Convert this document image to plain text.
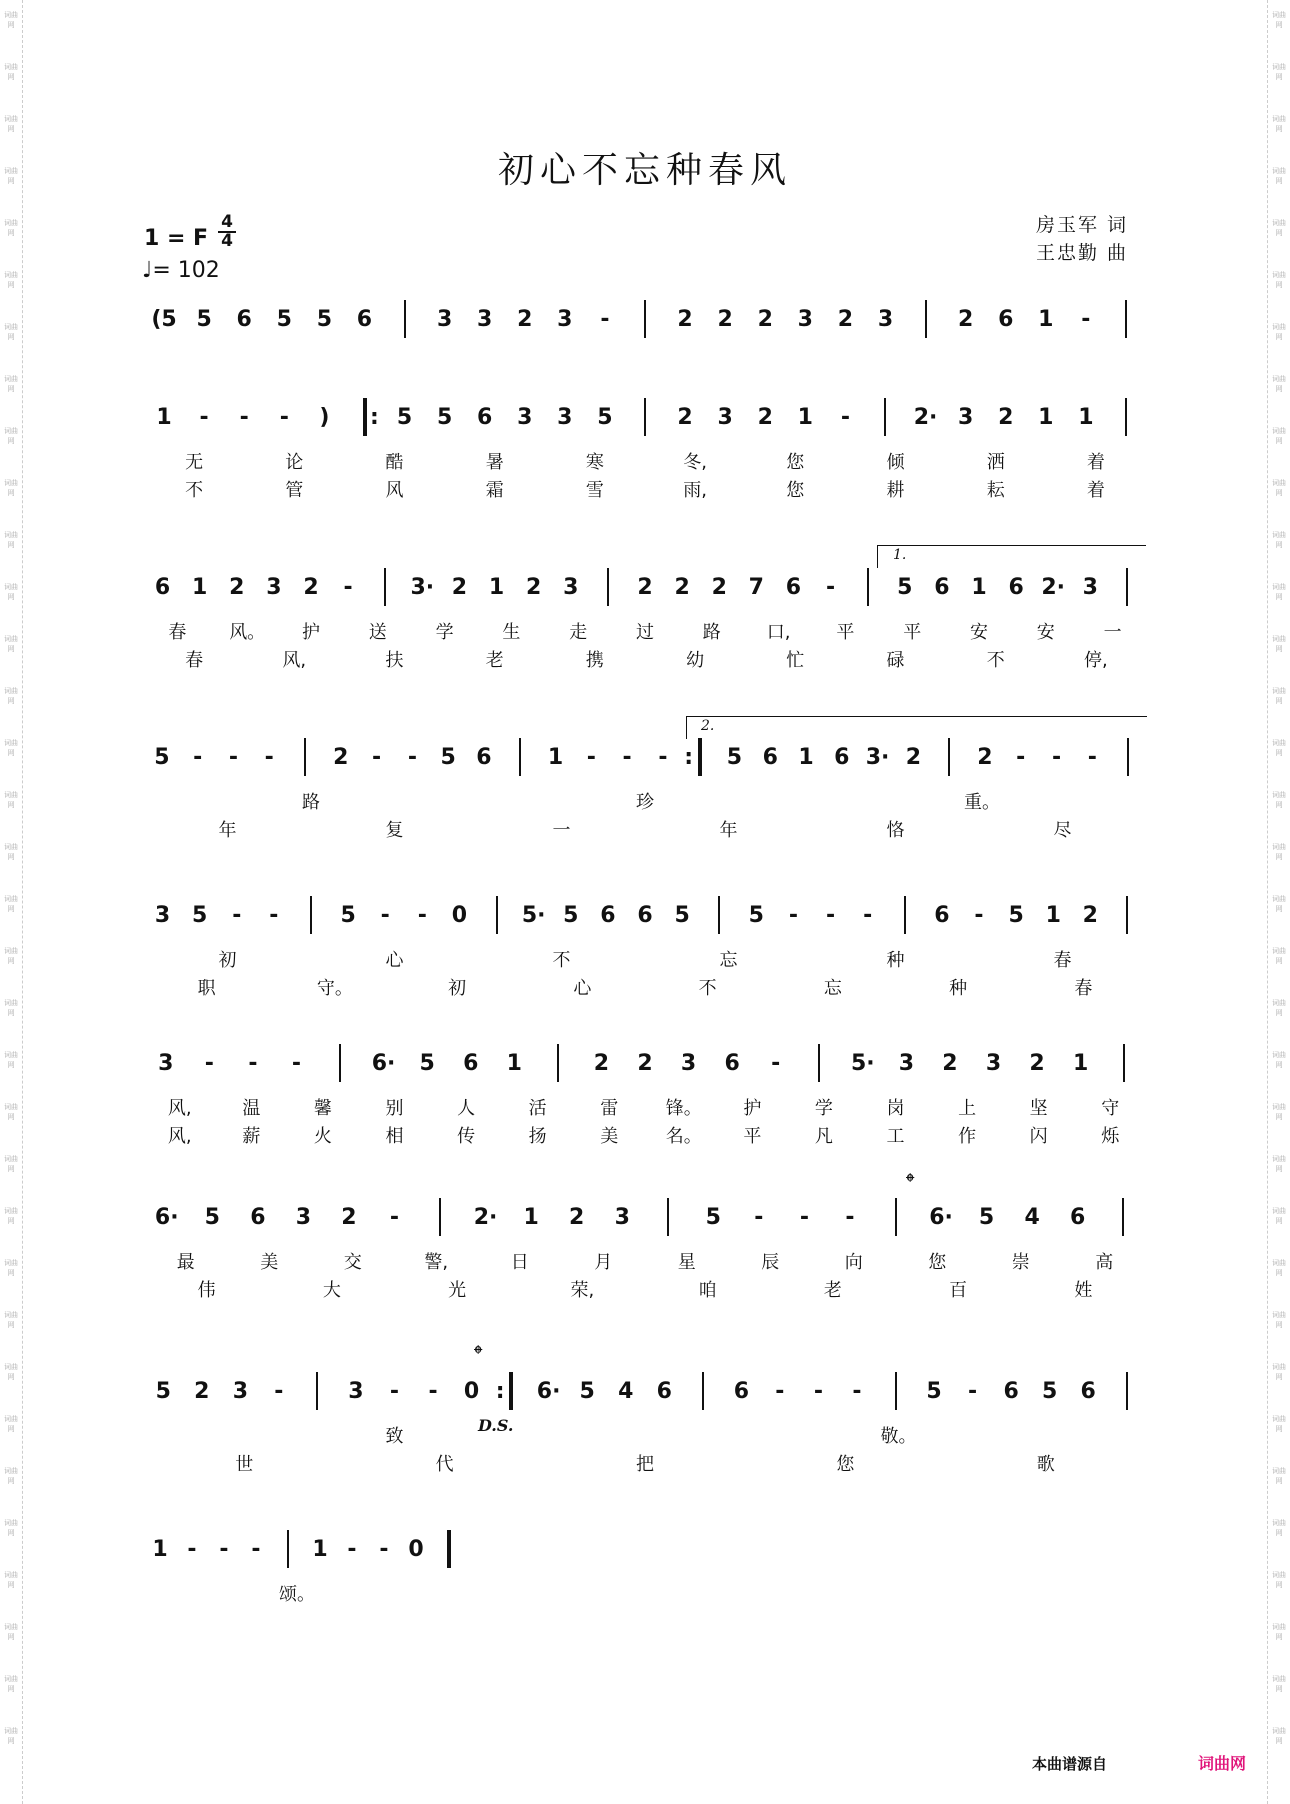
词曲网
词曲网
词曲网
词曲网
词曲网
词曲网
词曲网
词曲网
词曲网
词曲网
词曲网
词曲网
词曲网
词曲网
词曲网
词曲网
词曲网
词曲网
词曲网
词曲网
词曲网
词曲网
词曲网
词曲网
词曲网
词曲网
词曲网
词曲网
词曲网
词曲网
词曲网
词曲网
词曲网
词曲网
词曲网
词曲网
词曲网
词曲网
词曲网
词曲网
词曲网
词曲网
词曲网
词曲网
词曲网
词曲网
词曲网
词曲网
词曲网
词曲网
词曲网
词曲网
词曲网
词曲网
词曲网
词曲网
词曲网
词曲网
词曲网
词曲网
词曲网
词曲网
词曲网
词曲网
词曲网
词曲网
词曲网
词曲网
初心不忘种春风
1 = F $\frac{4}{4}$
♩= 102
房玉军 词
王忠勤 曲
(5 5 6 5 5 6	3 3 2 3	-	2 2 2 3 2 3	2 6 1	-
1	-	-	-	)	: 5 5 6 3 3 5	2 3 2 1	-	2· 3 2 1 1
无	论	酷	暑	寒	冬,	您	倾	洒	着
不	管	风	霜	雪	雨,	您	耕	耘	着
6 1 2 3 2	-	3· 2 1 2 3	2 2 2 7 6	-	5 6 1 6 2· 3
春	风。	护	送	学	生	走	过	路	口,	平	平	安	安	一
春	风,	扶	老	携	幼	忙	碌	不	停,
5	-	-	-	2	-	-	5 6	1	-	-	- :	5 6 1 6 3· 2	2	-	-	-
路	珍	重。
年	复	一	年	恪	尽
3 5	-	-	5	-	-	0 5· 5 6 6 5	5	-	-	-	6	-	5 1 2
初	心	不	忘	种	春
职	守。	初	心	不	忘	种	春
3	-	-	-	6· 5 6 1	2 2 3 6	-	5· 3 2 3 2 1
风,	温	馨	别	人	活	雷	锋。	护	学	岗	上	坚	守
风,	薪	火	相	传	扬	美	名。	平	凡	工	作	闪	烁
6· 5 6 3 2	-	2· 1 2 3	5	-	-	-	6· 5 4 6
最	美	交	警,	日	月	星	辰	向	您	崇	高
伟	大	光	荣,	咱	老	百	姓
5 2 3	-	3	-	-	0 :	6· 5 4 6	6	-	-	-	5	-	6 5 6
致	敬。
世	代	把	您	歌
1 -	-	-	1 -	- 0
颂。
D.S.
𝄌
𝄌
1.
2.
本曲谱源自	词曲网
